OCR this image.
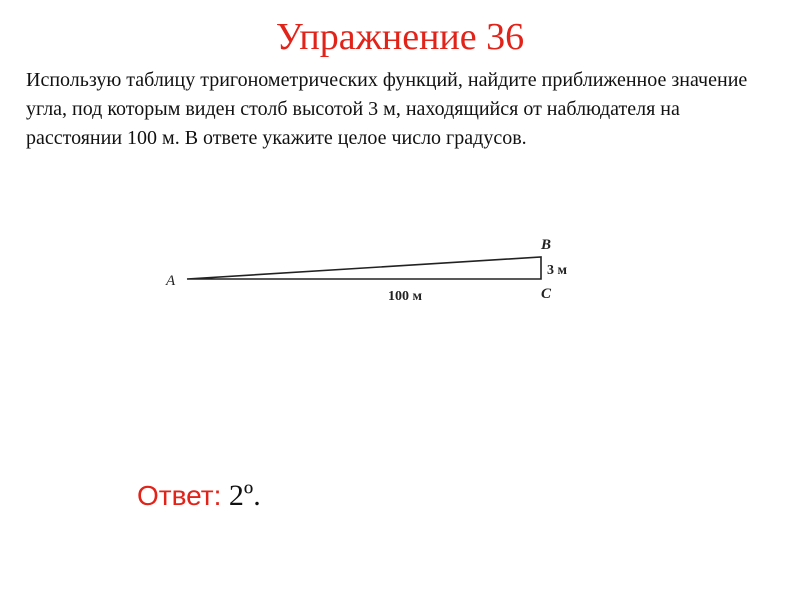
Упражнение 36
Использую таблицу тригонометрических функций, найдите приближенное значение угла, под которым виден столб высотой 3 м, находящийся от наблюдателя на расстоянии 100 м. В ответе укажите целое число градусов.
A
B
C
3 м
100 м
Ответ: 2º.
